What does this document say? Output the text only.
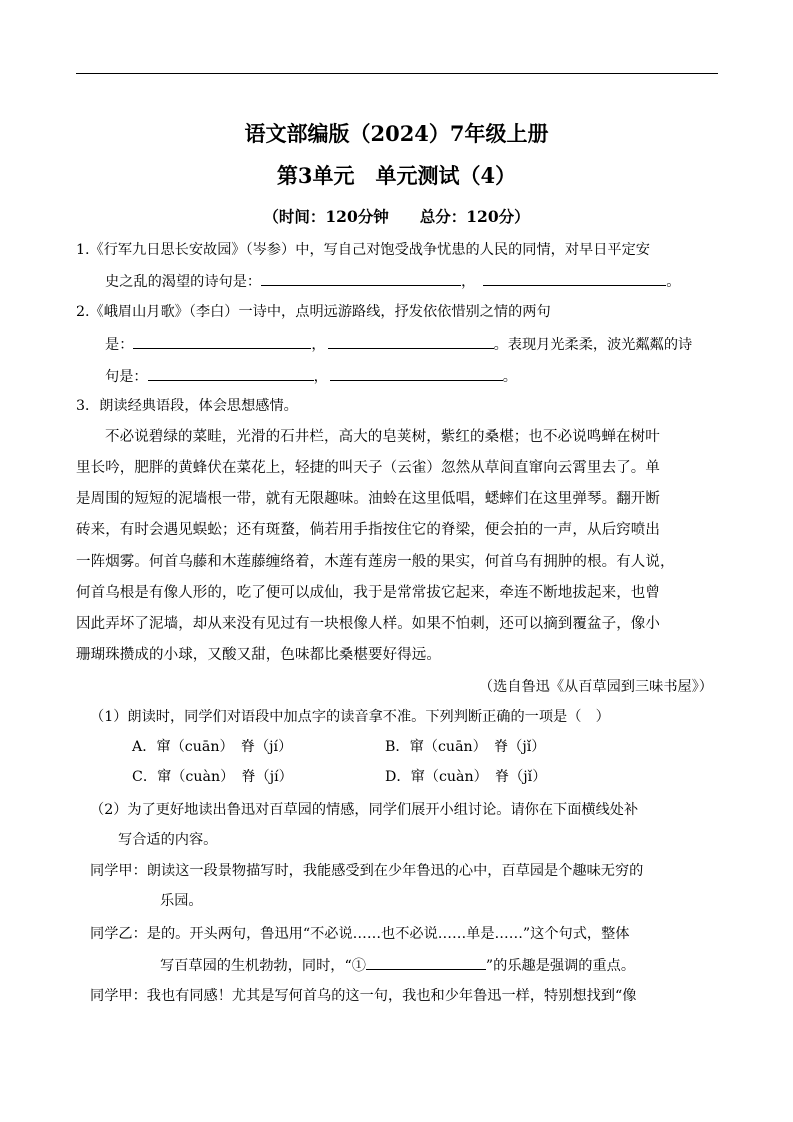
语文部编版（2024）7年级上册
第3单元　单元测试（4）
（时间：120分钟　　总分：120分）
1.《行军九日思长安故园》（岑参）中，写自己对饱受战争忧患的人民的同情，对早日平定安
史之乱的渴望的诗句是：	，	。
2.《峨眉山月歌》（李白）一诗中，点明远游路线，抒发依依惜别之情的两句
是：	，	。表现月光柔柔，波光粼粼的诗
句是：	，	。
3．朗读经典语段，体会思想感情。
不必说碧绿的菜畦，光滑的石井栏，高大的皂荚树，紫红的桑椹；也不必说鸣蝉在树叶
里长吟，肥胖的黄蜂伏在菜花上，轻捷的叫天子（云雀）忽然从草间直窜向云霄里去了。单
是周围的短短的泥墙根一带，就有无限趣味。油蛉在这里低唱，蟋蟀们在这里弹琴。翻开断
砖来，有时会遇见蜈蚣；还有斑蝥，倘若用手指按住它的脊梁，便会拍的一声，从后窍喷出
一阵烟雾。何首乌藤和木莲藤缠络着，木莲有莲房一般的果实，何首乌有拥肿的根。有人说，
何首乌根是有像人形的，吃了便可以成仙，我于是常常拔它起来，牵连不断地拔起来，也曾
因此弄坏了泥墙，却从来没有见过有一块根像人样。如果不怕刺，还可以摘到覆盆子，像小
珊瑚珠攒成的小球，又酸又甜，色味都比桑椹要好得远。
（选自鲁迅《从百草园到三味书屋》）
（1）朗读时，同学们对语段中加点字的读音拿不准。下列判断正确的一项是（　）
A．窜（cuān）　脊（jí）	B．窜（cuān）　脊（jǐ）
C．窜（cuàn）　脊（jí）	D．窜（cuàn）　脊（jǐ）
（2）为了更好地读出鲁迅对百草园的情感，同学们展开小组讨论。请你在下面横线处补
写合适的内容。
同学甲：朗读这一段景物描写时，我能感受到在少年鲁迅的心中，百草园是个趣味无穷的
乐园。
同学乙：是的。开头两句，鲁迅用“不必说……也不必说……单是……”这个句式，整体
写百草园的生机勃勃，同时，“①	”的乐趣是强调的重点。
同学甲：我也有同感！尤其是写何首乌的这一句，我也和少年鲁迅一样，特别想找到“像
